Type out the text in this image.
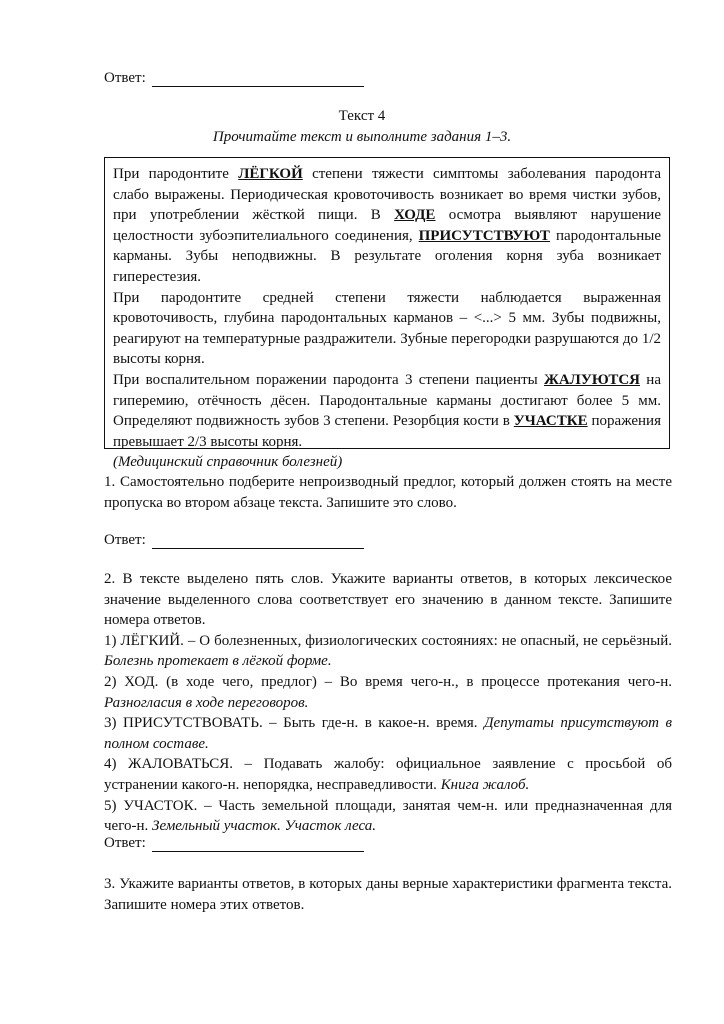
Ответ:
Текст 4
Прочитайте текст и выполните задания 1–3.

При пародонтите ЛЁГКОЙ степени тяжести симптомы заболевания пародонта слабо выражены. Периодическая кровоточивость возникает во время чистки зубов, при употреблении жёсткой пищи. В ХОДЕ осмотра выявляют нарушение целостности зубоэпителиального соединения, ПРИСУТСТВУЮТ пародонтальные карманы. Зубы неподвижны. В результате оголения корня зуба возникает гиперестезия.

При пародонтите средней степени тяжести наблюдается выраженная кровоточивость, глубина пародонтальных карманов – <...> 5 мм. Зубы подвижны, реагируют на температурные раздражители. Зубные перегородки разрушаются до 1/2 высоты корня.

При воспалительном поражении пародонта 3 степени пациенты ЖАЛУЮТСЯ на гиперемию, отёчность дёсен. Пародонтальные карманы достигают более 5 мм. Определяют подвижность зубов 3 степени. Резорбция кости в УЧАСТКЕ поражения превышает 2/3 высоты корня.

(Медицинский справочник болезней)

1. Самостоятельно подберите непроизводный предлог, который должен стоять на месте пропуска во втором абзаце текста. Запишите это слово.

Ответ:

2. В тексте выделено пять слов. Укажите варианты ответов, в которых лексическое значение выделенного слова соответствует его значению в данном тексте. Запишите номера ответов.

1) ЛЁГКИЙ. – О болезненных, физиологических состояниях: не опасный, не серьёзный. Болезнь протекает в лёгкой форме.

2) ХОД. (в ходе чего, предлог) – Во время чего-н., в процессе протекания чего-н. Разногласия в ходе переговоров.

3) ПРИСУТСТВОВАТЬ. – Быть где-н. в какое-н. время. Депутаты присутствуют в полном составе.

4) ЖАЛОВАТЬСЯ. – Подавать жалобу: официальное заявление с просьбой об устранении какого-н. непорядка, несправедливости. Книга жалоб.

5) УЧАСТОК. – Часть земельной площади, занятая чем-н. или предназначенная для чего-н. Земельный участок. Участок леса.

Ответ:

3. Укажите варианты ответов, в которых даны верные характеристики фрагмента текста. Запишите номера этих ответов.
